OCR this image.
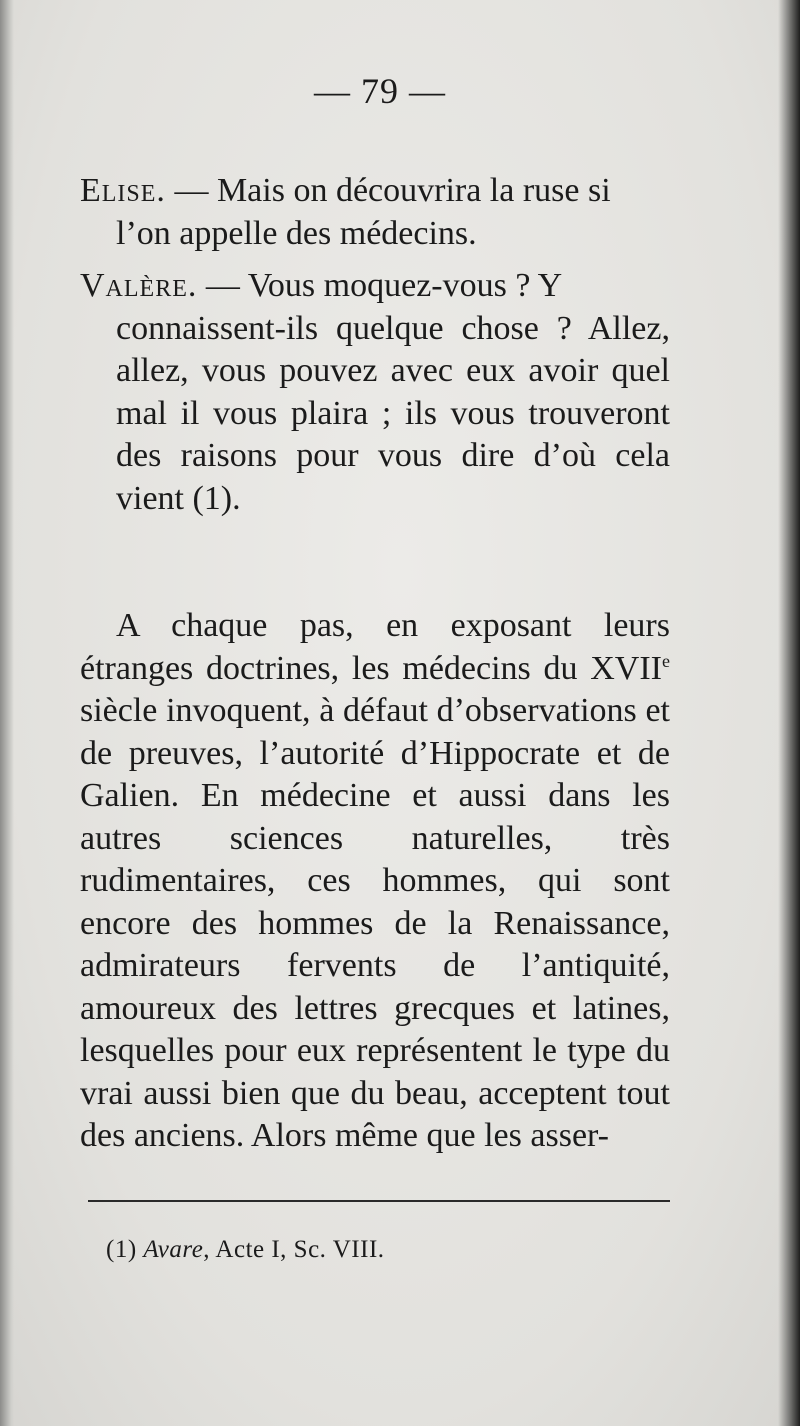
— 79 —
Elise. — Mais on découvrira la ruse si
l’on appelle des médecins.
Valère. — Vous moquez-vous ? Y
connaissent-ils quelque chose ? Allez, allez, vous pouvez avec eux avoir quel mal il vous plaira ; ils vous trouveront des raisons pour vous dire d’où cela vient (1).

A chaque pas, en exposant leurs étranges doctrines, les médecins du XVIIe siècle invoquent, à défaut d’observations et de preuves, l’autorité d’Hippocrate et de Galien. En médecine et aussi dans les autres sciences naturelles, très rudimentaires, ces hommes, qui sont encore des hommes de la Renaissance, admirateurs fervents de l’antiquité, amoureux des lettres grecques et latines, lesquelles pour eux représentent le type du vrai aussi bien que du beau, acceptent tout des anciens. Alors même que les asser-

(1) Avare, Acte I, Sc. VIII.
